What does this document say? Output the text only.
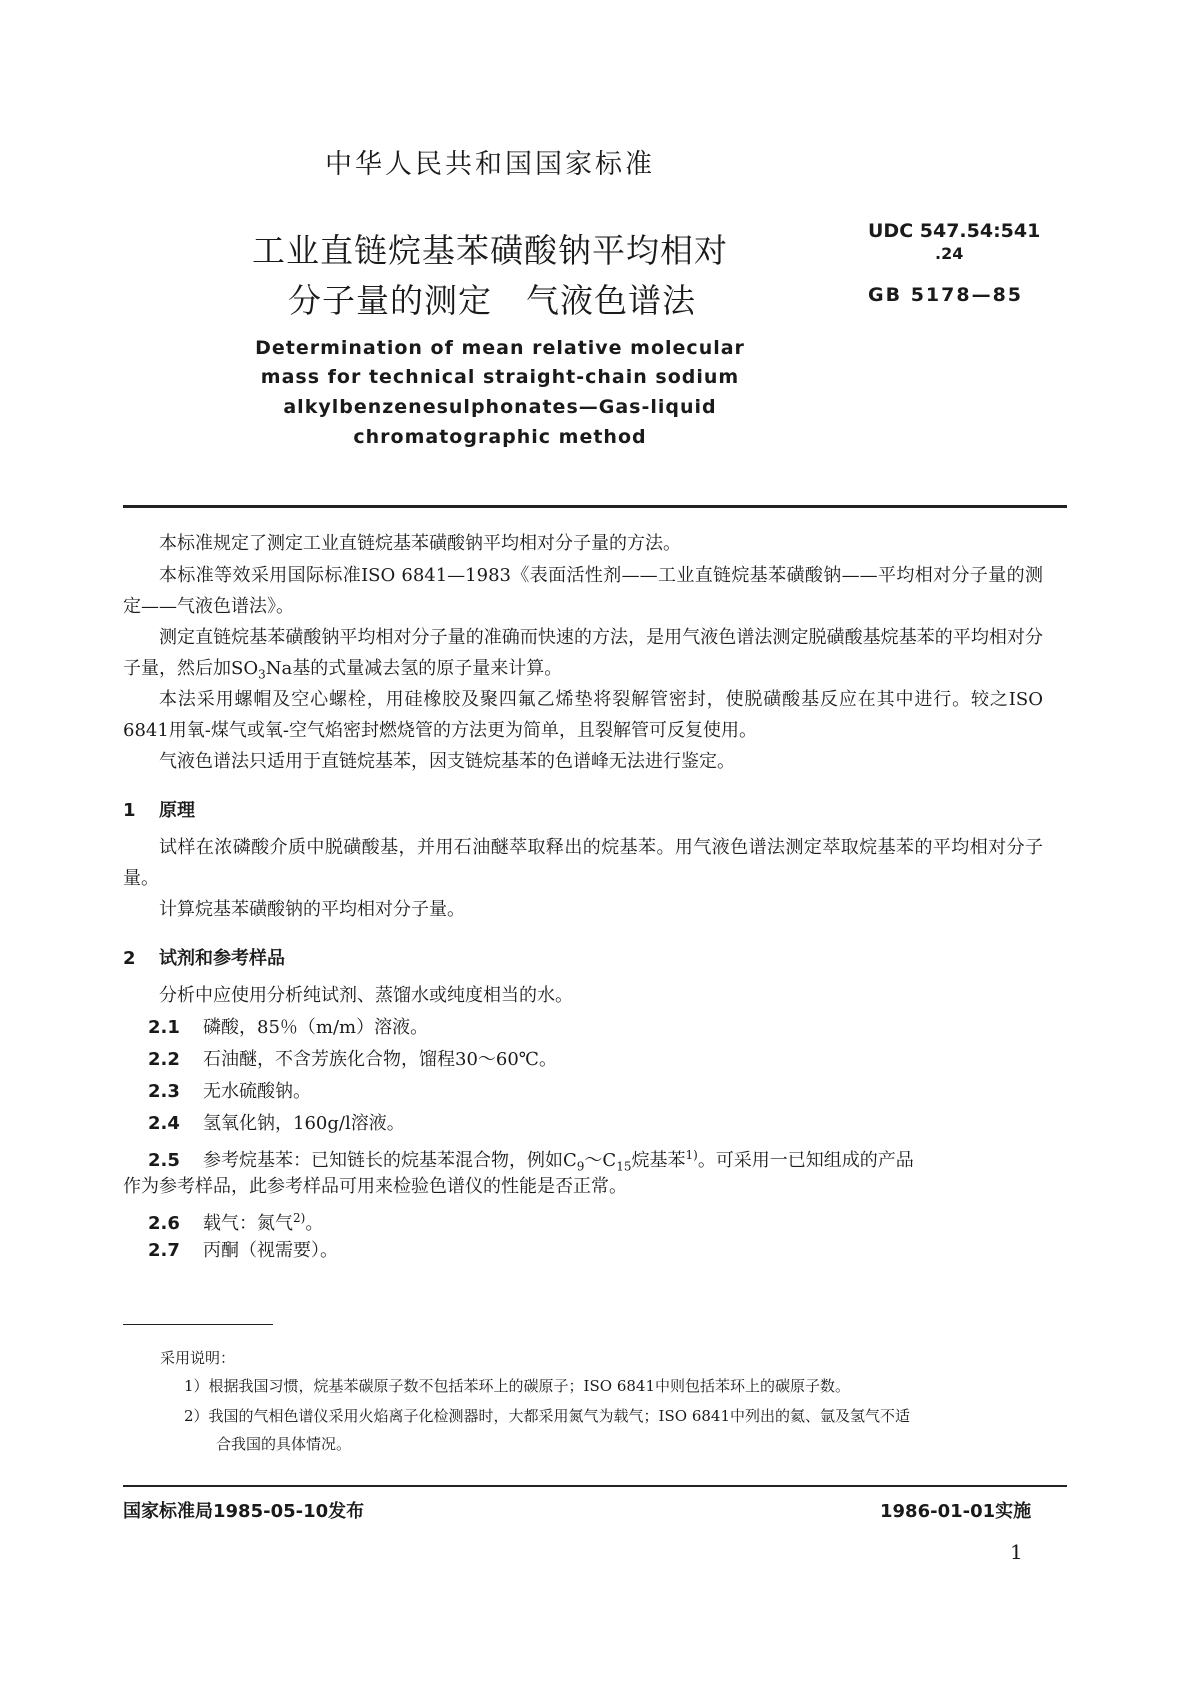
中华人民共和国国家标准
工业直链烷基苯磺酸钠平均相对
分子量的测定　气液色谱法
UDC 547.54:541
.24
GB 5178—85
Determination of mean relative molecular
mass for technical straight-chain sodium
alkylbenzenesulphonates—Gas-liquid
chromatographic method
本标准规定了测定工业直链烷基苯磺酸钠平均相对分子量的方法。
本标准等效采用国际标准ISO 6841—1983《表面活性剂——工业直链烷基苯磺酸钠——平均相对分子量的测定——气液色谱法》。
测定直链烷基苯磺酸钠平均相对分子量的准确而快速的方法，是用气液色谱法测定脱磺酸基烷基苯的平均相对分子量，然后加$SO_3Na$基的式量减去氢的原子量来计算。
本法采用螺帽及空心螺栓，用硅橡胶及聚四氟乙烯垫将裂解管密封，使脱磺酸基反应在其中进行。较之ISO 6841用氧-煤气或氧-空气焰密封燃烧管的方法更为简单，且裂解管可反复使用。
气液色谱法只适用于直链烷基苯，因支链烷基苯的色谱峰无法进行鉴定。
1 原理
试样在浓磷酸介质中脱磺酸基，并用石油醚萃取释出的烷基苯。用气液色谱法测定萃取烷基苯的平均相对分子量。
计算烷基苯磺酸钠的平均相对分子量。
2 试剂和参考样品
分析中应使用分析纯试剂、蒸馏水或纯度相当的水。
2.1 磷酸，85％（m/m）溶液。
2.2 石油醚，不含芳族化合物，馏程30～60℃。
2.3 无水硫酸钠。
2.4 氢氧化钠，160g/l溶液。
2.5 参考烷基苯：已知链长的烷基苯混合物，例如$C_9\sim C_{15}$烷基苯$^{1)}$。可采用一已知组成的产品
作为参考样品，此参考样品可用来检验色谱仪的性能是否正常。
2.6 载气：氮气$^{2)}$。
2.7 丙酮（视需要）。
采用说明：
1）根据我国习惯，烷基苯碳原子数不包括苯环上的碳原子；ISO 6841中则包括苯环上的碳原子数。
2）我国的气相色谱仪采用火焰离子化检测器时，大都采用氮气为载气；ISO 6841中列出的氦、氩及氢气不适
合我国的具体情况。
国家标准局1985-05-10发布	1986-01-01实施
1
